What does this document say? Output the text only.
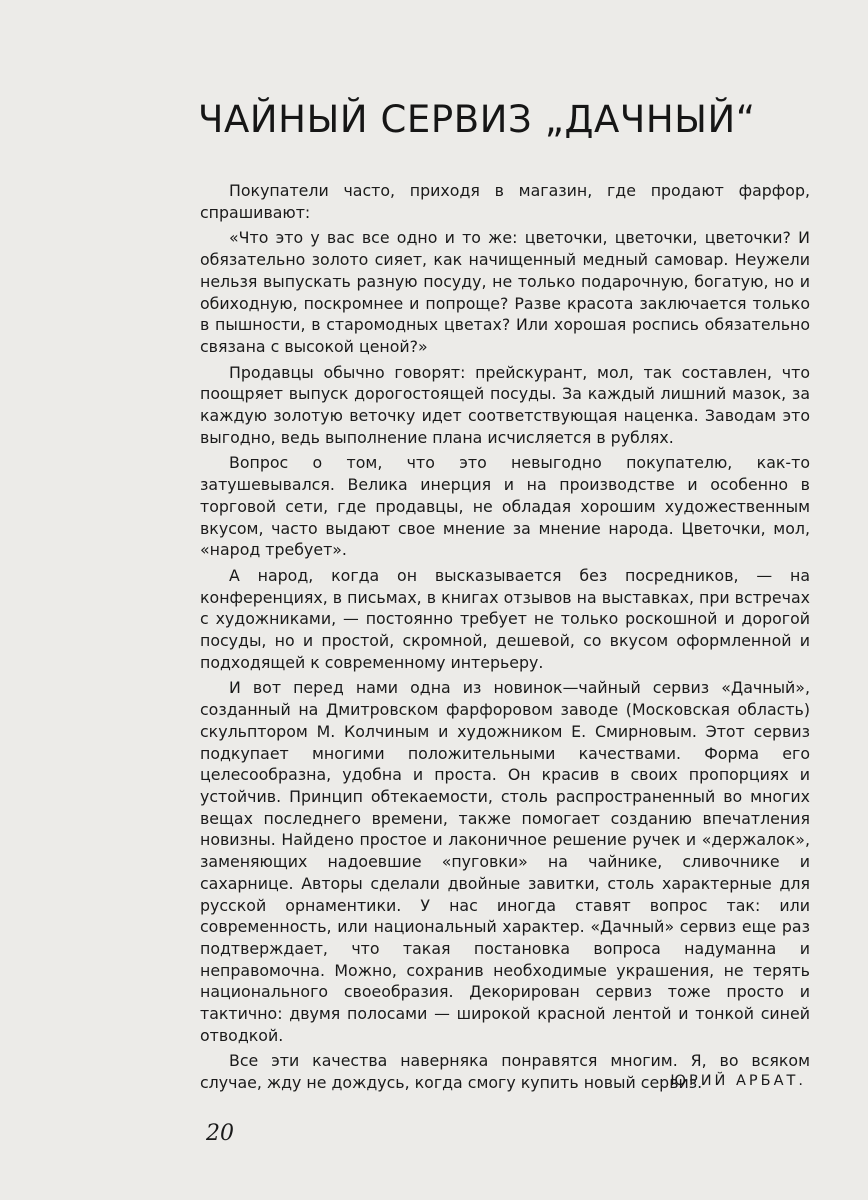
ЧАЙНЫЙ СЕРВИЗ „ДАЧНЫЙ“

Покупатели часто, приходя в магазин, где продают фарфор, спрашивают:

«Что это у вас все одно и то же: цветочки, цветочки, цветочки? И обязательно золото сияет, как начищенный медный самовар. Неужели нельзя выпускать разную посуду, не только подарочную, богатую, но и обиходную, поскромнее и попроще? Разве красота заключается только в пышности, в старомодных цветах? Или хорошая роспись обязательно связана с высокой ценой?»

Продавцы обычно говорят: прейскурант, мол, так составлен, что поощряет выпуск дорогостоящей посуды. За каждый лишний мазок, за каждую золотую веточку идет соответствующая наценка. Заводам это выгодно, ведь выполнение плана исчисляется в рублях.

Вопрос о том, что это невыгодно покупателю, как-то затушевывался. Велика инерция и на производстве и особенно в торговой сети, где продавцы, не обладая хорошим художественным вкусом, часто выдают свое мнение за мнение народа. Цветочки, мол, «народ требует».

А народ, когда он высказывается без посредников, — на конференциях, в письмах, в книгах отзывов на выставках, при встречах с художниками, — постоянно требует не только роскошной и дорогой посуды, но и простой, скромной, дешевой, со вкусом оформленной и подходящей к современному интерьеру.

И вот перед нами одна из новинок—чайный сервиз «Дачный», созданный на Дмитровском фарфоровом заводе (Московская область) скульптором М. Колчиным и художником Е. Смирновым. Этот сервиз подкупает многими положительными качествами. Форма его целесообразна, удобна и проста. Он красив в своих пропорциях и устойчив. Принцип обтекаемости, столь распространенный во многих вещах последнего времени, также помогает созданию впечатления новизны. Найдено простое и лаконичное решение ручек и «держалок», заменяющих надоевшие «пуговки» на чайнике, сливочнике и сахарнице. Авторы сделали двойные завитки, столь характерные для русской орнаментики. У нас иногда ставят вопрос так: или современность, или национальный характер. «Дачный» сервиз еще раз подтверждает, что такая постановка вопроса надуманна и неправомочна. Можно, сохранив необходимые украшения, не терять национального своеобразия. Декорирован сервиз тоже просто и тактично: двумя полосами — широкой красной лентой и тонкой синей отводкой.

Все эти качества наверняка понравятся многим. Я, во всяком случае, жду не дождусь, когда смогу купить новый сервиз.

ЮРИЙ АРБАТ.

20
